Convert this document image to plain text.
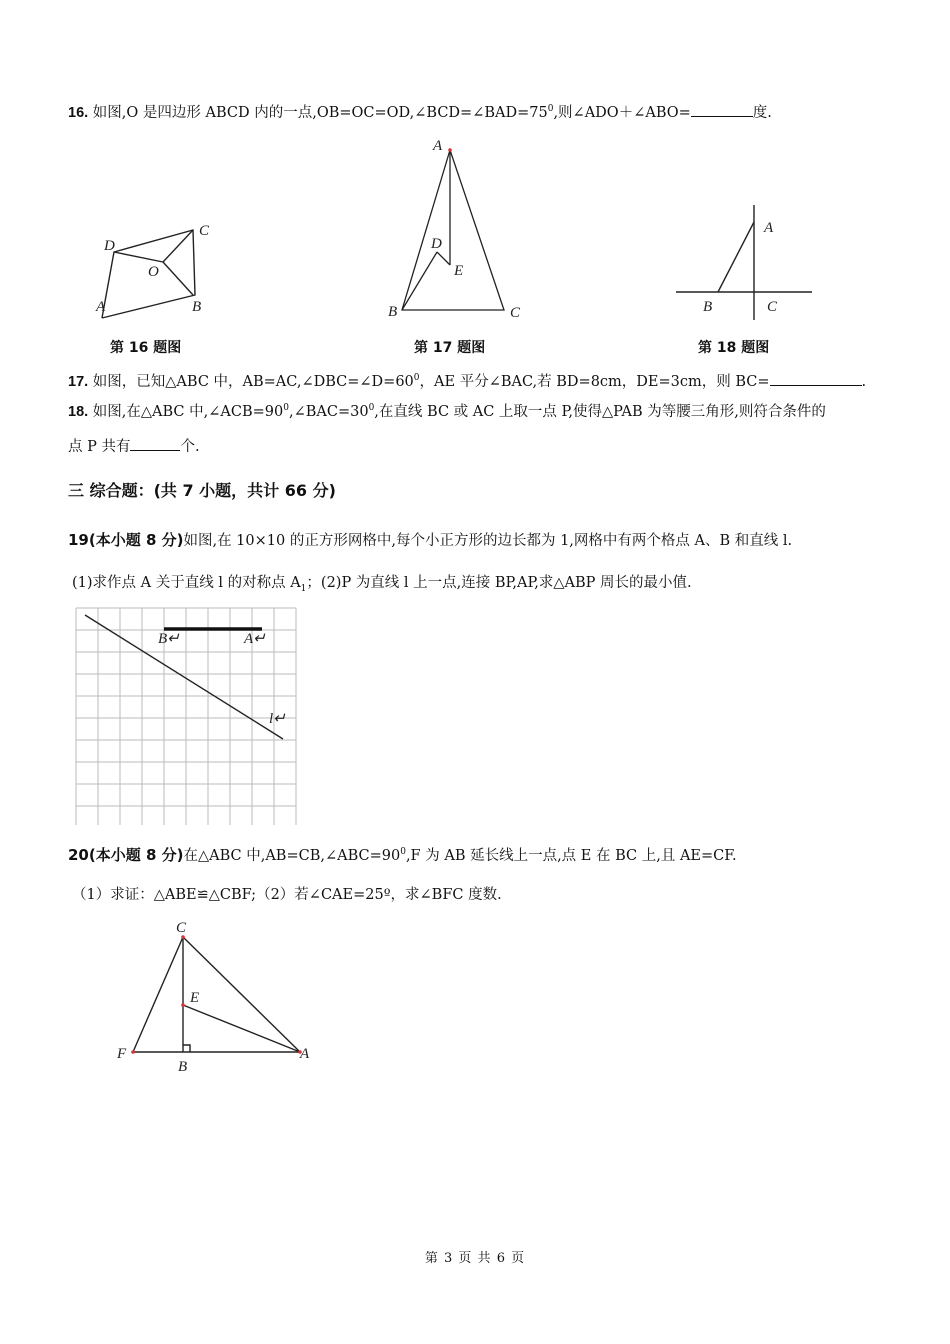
16. 如图,O 是四边形 ABCD 内的一点$,OB=OC=OD,\angle BCD=\angle BAD=75^0$,则∠ADO＋∠ABO=	度.
D
C
O
A	B
第 16 题图
A
D
E
B	C
第 17 题图
A
B	C
第 18 题图
17. 如图，已知△ABC 中，$AB=AC,\angle DBC=\angle D=60^0$，AE 平分∠BAC,若 BD=8cm，DE=3cm，则 BC=	.
18. 如图,在△ABC 中$,\angle ACB=90^0,\angle BAC=30^0$,在直线 BC 或 AC 上取一点 P,使得△PAB 为等腰三角形,则符合条件的
点 P 共有	个.
三 综合题：(共 7 小题，共计 66 分)
19(本小题 8 分)如图,在 10×10 的正方形网格中,每个小正方形的边长都为 1,网格中有两个格点 A、B 和直线 l.
(1)求作点 A 关于直线 l 的对称点 $A_1$；(2)P 为直线 l 上一点,连接 BP,AP,求△ABP 周长的最小值.
B↵	A↵
l↵
20(本小题 8 分)在△ABC 中$,AB=CB,\angle ABC=90^0,F$ 为 AB 延长线上一点,点 E 在 BC 上,且 AE=CF.
（1）求证：△ABE≌△CBF;（2）若∠CAE=25º，求∠BFC 度数.
C
E
F
B
A
第 3 页 共 6 页
